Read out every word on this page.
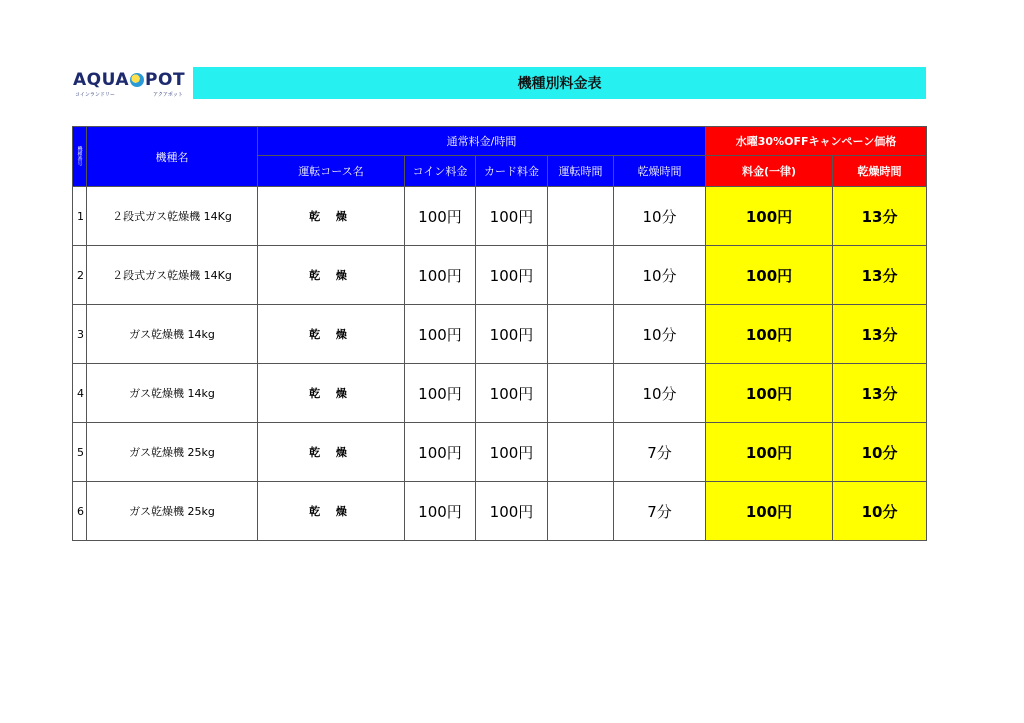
AQUA POT
コインランドリー	アクアポット
機種別料金表
機種番号	機種名	通常料金/時間					水曜30%OFFキャンペーン価格	
		運転コース名	コイン料金	カード料金	運転時間	乾燥時間	料金(一律)	乾燥時間
1	２段式ガス乾燥機 14Kg	乾 燥	100円	100円		10分	100円	13分
2	２段式ガス乾燥機 14Kg	乾 燥	100円	100円		10分	100円	13分
3	ガス乾燥機 14kg	乾 燥	100円	100円		10分	100円	13分
4	ガス乾燥機 14kg	乾 燥	100円	100円		10分	100円	13分
5	ガス乾燥機 25kg	乾 燥	100円	100円		7分	100円	10分
6	ガス乾燥機 25kg	乾 燥	100円	100円		7分	100円	10分
